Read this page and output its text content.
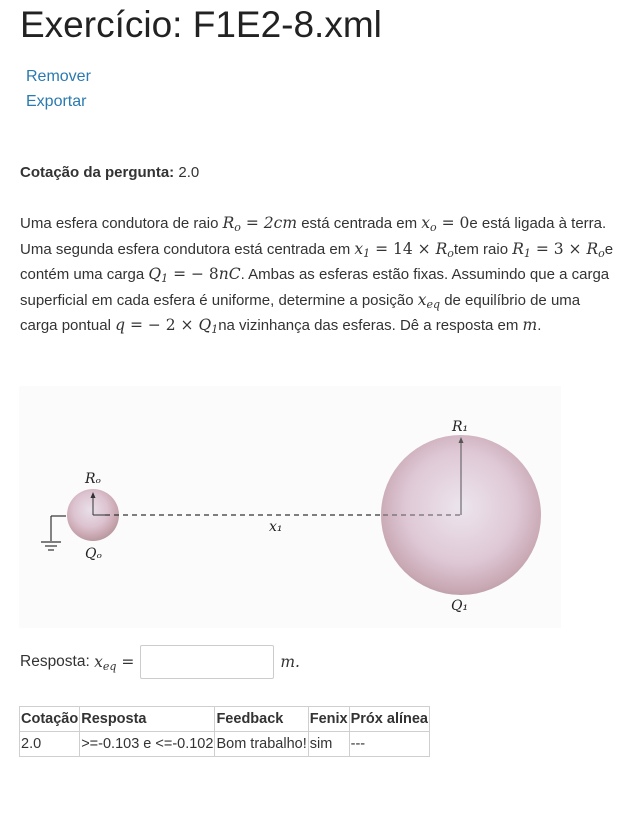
Exercício: F1E2-8.xml
Remover
Exportar
Cotação da pergunta: 2.0
Uma esfera condutora de raio $R_o = 2cm$ está centrada em $x_o = 0e$ está ligada à terra. Uma segunda esfera condutora está centrada em $x_1 = 14 \times R_otem$ raio $R_1 = 3 \times R_oe$ contém uma carga $Q_1$ = − 8nC. Ambas as esferas estão fixas. Assumindo que a carga superficial em cada esfera é uniforme, determine a posição $x_{eq}$ de equilíbrio de uma carga pontual q = − $2 \times Q_1na$ vizinhança das esferas. Dê a resposta em m.
Rₒ
Qₒ
x₁
R₁
Q₁
Resposta:
$x_{eq}$ =	m.
Cotação	Resposta	Feedback	Fenix	Próx alínea
2.0	>=-0.103 e <=-0.102	Bom trabalho!	sim	---
